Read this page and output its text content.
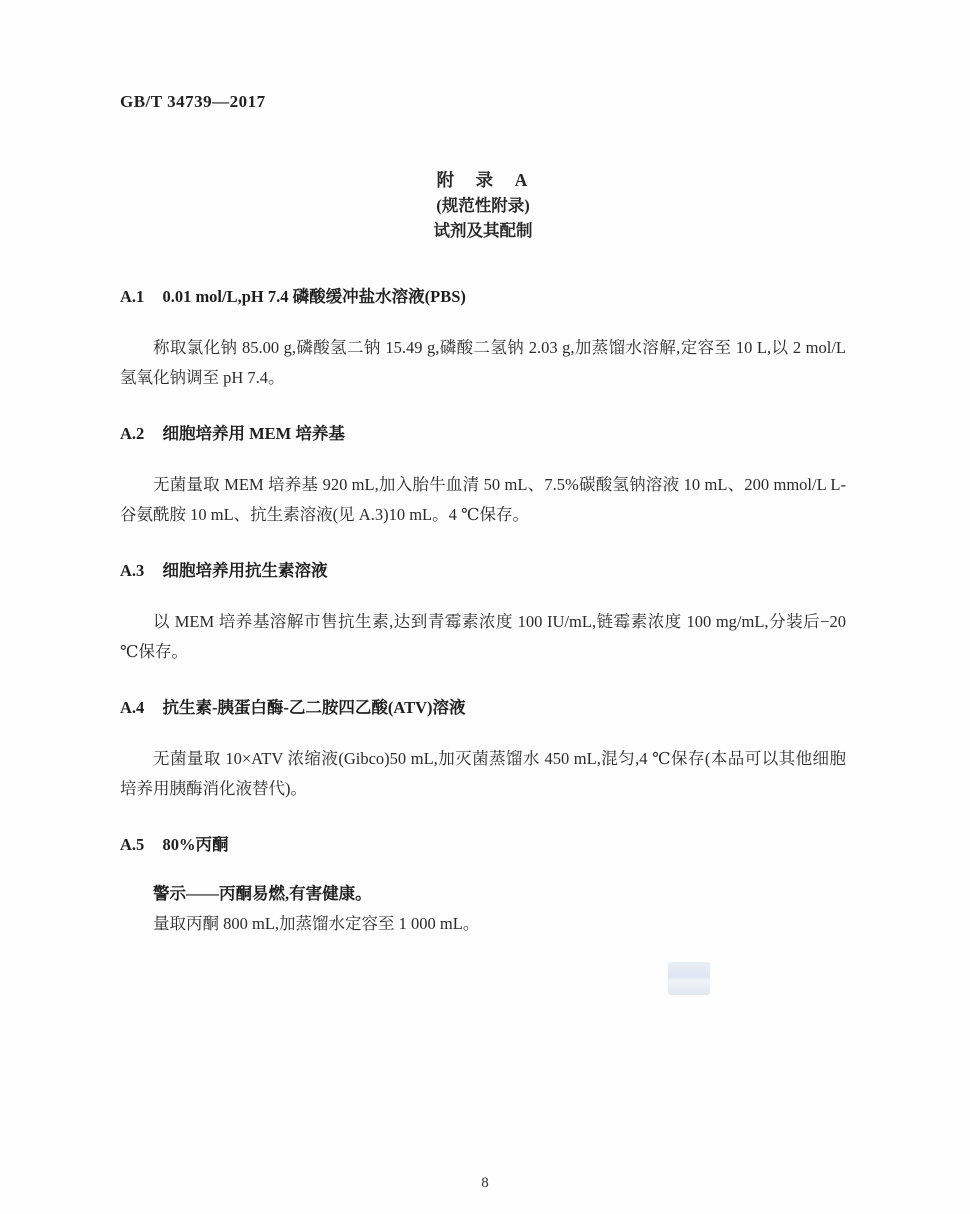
GB/T 34739—2017
附　录　A
(规范性附录)
试剂及其配制
A.1 0.01 mol/L,pH 7.4 磷酸缓冲盐水溶液(PBS)

称取氯化钠 85.00 g,磷酸氢二钠 15.49 g,磷酸二氢钠 2.03 g,加蒸馏水溶解,定容至 10 L,以 2 mol/L氢氧化钠调至 pH 7.4。

A.2 细胞培养用 MEM 培养基

无菌量取 MEM 培养基 920 mL,加入胎牛血清 50 mL、7.5%碳酸氢钠溶液 10 mL、200 mmol/L L-谷氨酰胺 10 mL、抗生素溶液(见 A.3)10 mL。4 ℃保存。

A.3 细胞培养用抗生素溶液

以 MEM 培养基溶解市售抗生素,达到青霉素浓度 100 IU/mL,链霉素浓度 100 mg/mL,分装后−20 ℃保存。

A.4 抗生素-胰蛋白酶-乙二胺四乙酸(ATV)溶液

无菌量取 10×ATV 浓缩液(Gibco)50 mL,加灭菌蒸馏水 450 mL,混匀,4 ℃保存(本品可以其他细胞培养用胰酶消化液替代)。

A.5 80%丙酮

警示——丙酮易燃,有害健康。

量取丙酮 800 mL,加蒸馏水定容至 1 000 mL。

8
